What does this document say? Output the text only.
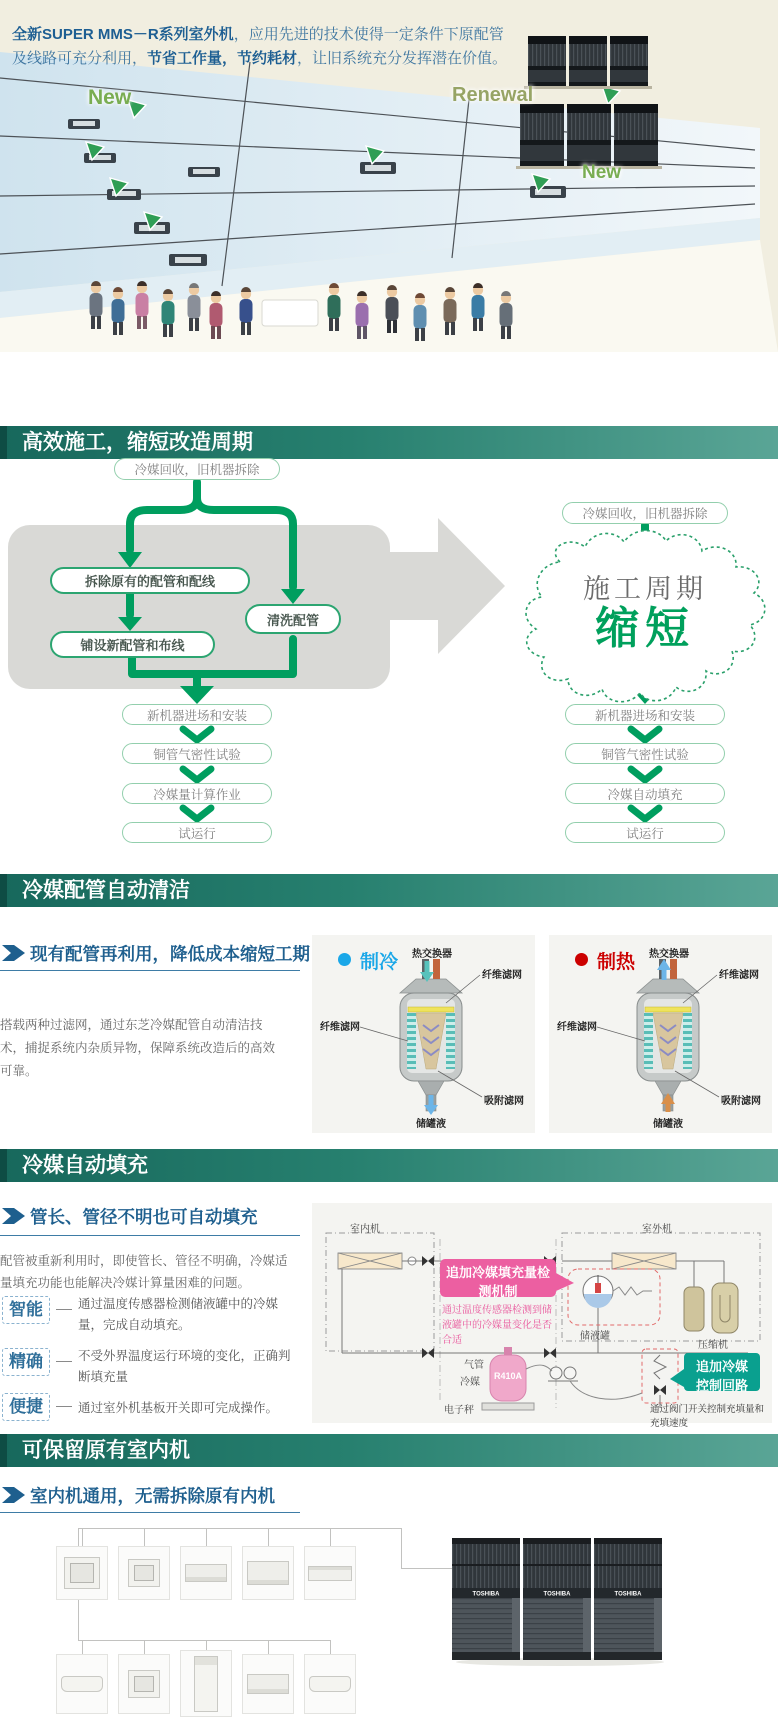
全新SUPER MMS－R系列室外机，应用先进的技术使得一定条件下原配管及线路可充分利用，节省工作量，节约耗材，让旧系统充分发挥潜在价值。

New	Renewal
New
高效施工，缩短改造周期
冷媒回收，旧机器拆除
拆除原有的配管和配线
清洗配管
铺设新配管和布线
新机器进场和安装
铜管气密性试验
冷媒量计算作业
试运行
冷媒回收，旧机器拆除
施工周期
缩短
新机器进场和安装
铜管气密性试验
冷媒自动填充
试运行
冷媒配管自动清洁
现有配管再利用，降低成本缩短工期
搭载两种过滤网，通过东芝冷媒配管自动清洁技术，捕捉系统内杂质异物，保障系统改造后的高效可靠。
制冷 热交换器
纤维滤网
纤维滤网
吸附滤网
储罐液
制热 热交换器
纤维滤网
纤维滤网
吸附滤网
储罐液
冷媒自动填充
管长、管径不明也可自动填充
配管被重新利用时，即使管长、管径不明确，冷媒适量填充功能也能解决冷媒计算量困难的问题。
智能	通过温度传感器检测储液罐中的冷媒量，完成自动填充。
精确	不受外界温度运行环境的变化，正确判断填充量
便捷	通过室外机基板开关即可完成操作。
室内机	室外机
追加冷媒填充量检测机制
通过温度传感器检测到储液罐中的冷媒量变化是否合适	储液罐
压缩机
气管
冷媒
R410A
电子秤
追加冷媒控制回路
通过阀门开关控制充填量和充填速度
可保留原有室内机
室内机通用，无需拆除原有内机
TOSHIBA	TOSHIBA	TOSHIBA
